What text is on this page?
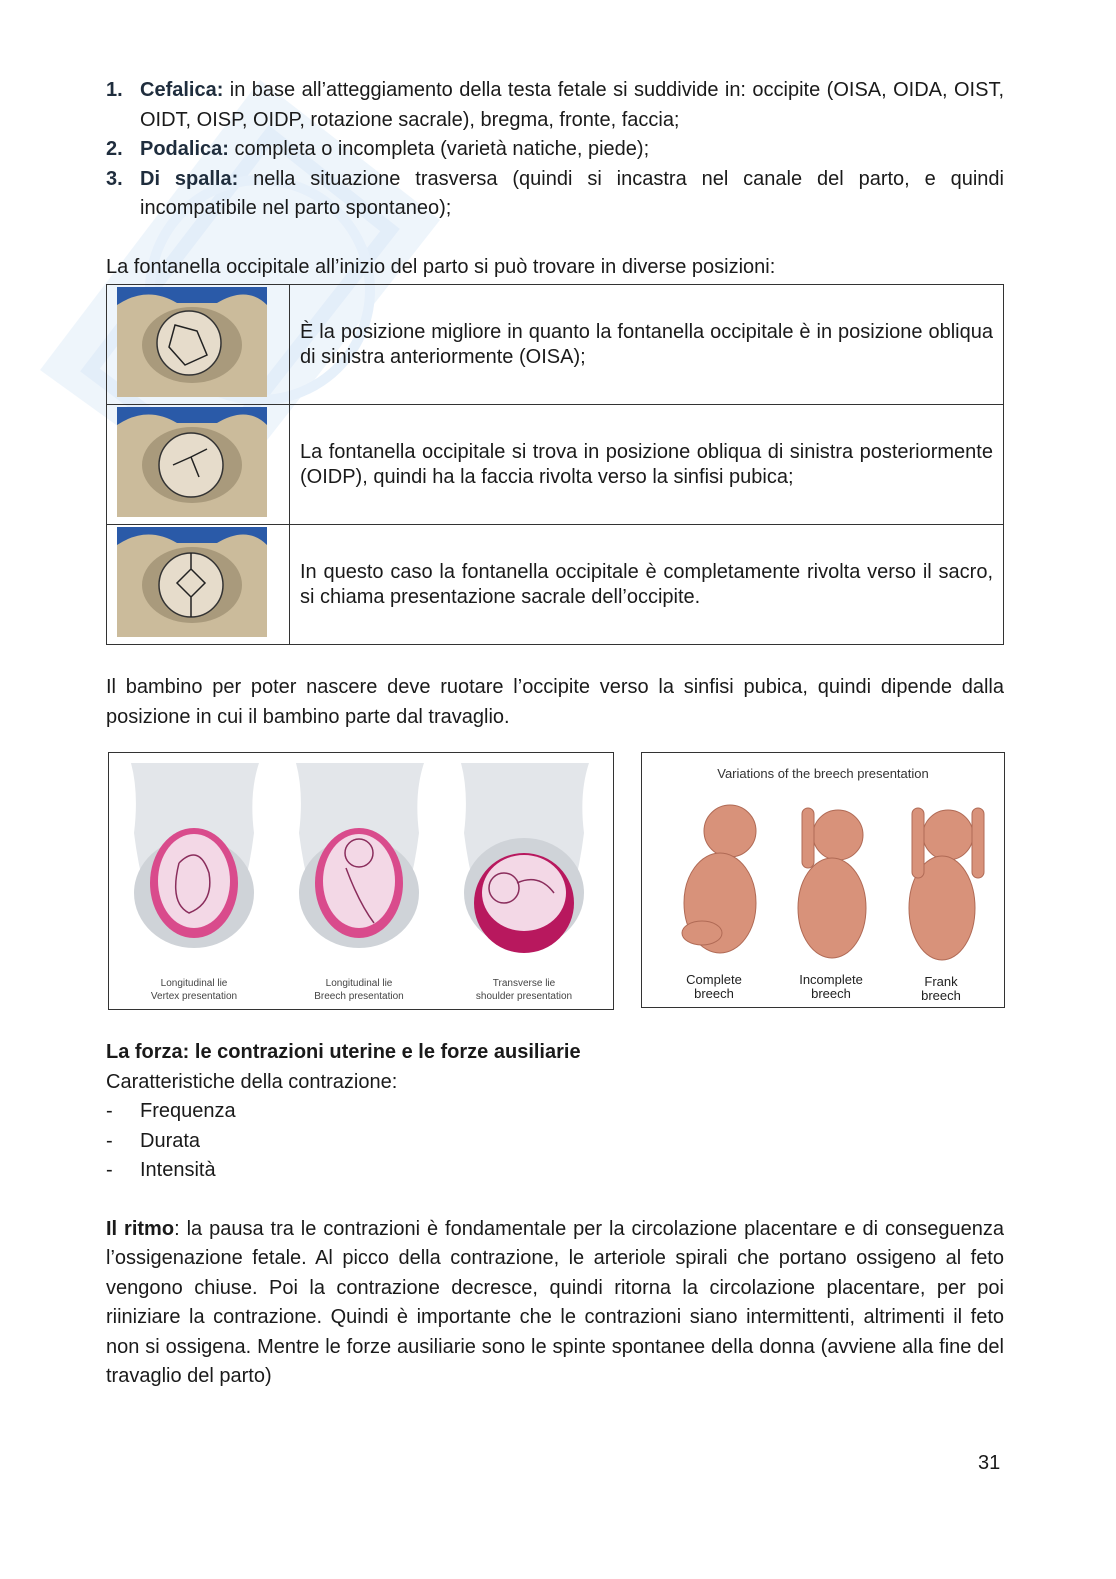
Skuola.net - il sito dello studente
1. Cefalica: in base all’atteggiamento della testa fetale si suddivide in: occipite (OISA, OIDA, OIST, OIDT, OISP, OIDP, rotazione sacrale), bregma, fronte, faccia;
2. Podalica: completa o incompleta (varietà natiche, piede);
3. Di spalla: nella situazione trasversa (quindi si incastra nel canale del parto, e quindi incompatibile nel parto spontaneo);

La fontanella occipitale all’inizio del parto si può trovare in diverse posizioni:

	È la posizione migliore in quanto la fontanella occipitale è in posizione obliqua di sinistra anteriormente (OISA);
	La fontanella occipitale si trova in posizione obliqua di sinistra posteriormente (OIDP), quindi ha la faccia rivolta verso la sinfisi pubica;
	In questo caso la fontanella occipitale è completamente rivolta verso il sacro, si chiama presentazione sacrale dell’occipite.

Il bambino per poter nascere deve ruotare l’occipite verso la sinfisi pubica, quindi dipende dalla posizione in cui il bambino parte dal travaglio.

Longitudinal lie
Vertex presentation
Longitudinal lie
Breech presentation
Transverse lie
shoulder presentation
Variations of the breech presentation
Complete
breech
Incomplete
breech
Frank
breech

La forza: le contrazioni uterine e le forze ausiliarie

Caratteristiche della contrazione:

- Frequenza
- Durata
- Intensità

Il ritmo: la pausa tra le contrazioni è fondamentale per la circolazione placentare e di conseguenza l’ossigenazione fetale. Al picco della contrazione, le arteriole spirali che portano ossigeno al feto vengono chiuse. Poi la contrazione decresce, quindi ritorna la circolazione placentare, per poi riiniziare la contrazione. Quindi è importante che le contrazioni siano intermittenti, altrimenti il feto non si ossigena. Mentre le forze ausiliarie sono le spinte spontanee della donna (avviene alla fine del travaglio del parto)

31
